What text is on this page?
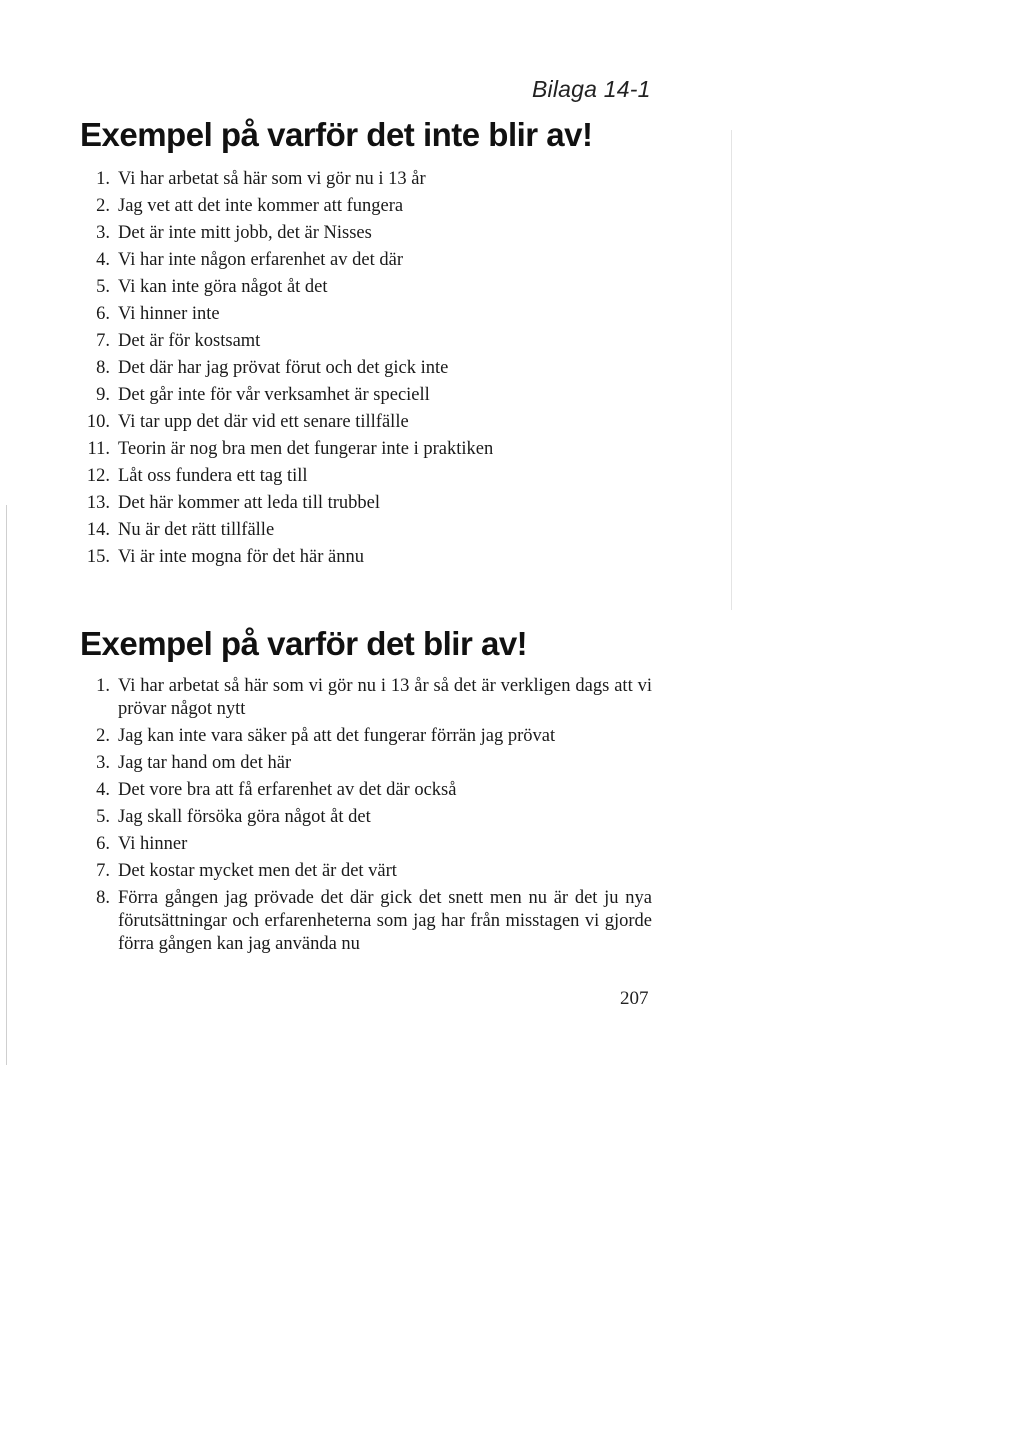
Bilaga 14-1
Exempel på varför det inte blir av!
1. Vi har arbetat så här som vi gör nu i 13 år
2. Jag vet att det inte kommer att fungera
3. Det är inte mitt jobb, det är Nisses
4. Vi har inte någon erfarenhet av det där
5. Vi kan inte göra något åt det
6. Vi hinner inte
7. Det är för kostsamt
8. Det där har jag prövat förut och det gick inte
9. Det går inte för vår verksamhet är speciell
10. Vi tar upp det där vid ett senare tillfälle
11. Teorin är nog bra men det fungerar inte i praktiken
12. Låt oss fundera ett tag till
13. Det här kommer att leda till trubbel
14. Nu är det rätt tillfälle
15. Vi är inte mogna för det här ännu
Exempel på varför det blir av!
1. Vi har arbetat så här som vi gör nu i 13 år så det är verkligen dags att vi prövar något nytt
2. Jag kan inte vara säker på att det fungerar förrän jag prövat
3. Jag tar hand om det här
4. Det vore bra att få erfarenhet av det där också
5. Jag skall försöka göra något åt det
6. Vi hinner
7. Det kostar mycket men det är det värt
8. Förra gången jag prövade det där gick det snett men nu är det ju nya förutsättningar och erfarenheterna som jag har från misstagen vi gjorde förra gången kan jag använda nu
207
